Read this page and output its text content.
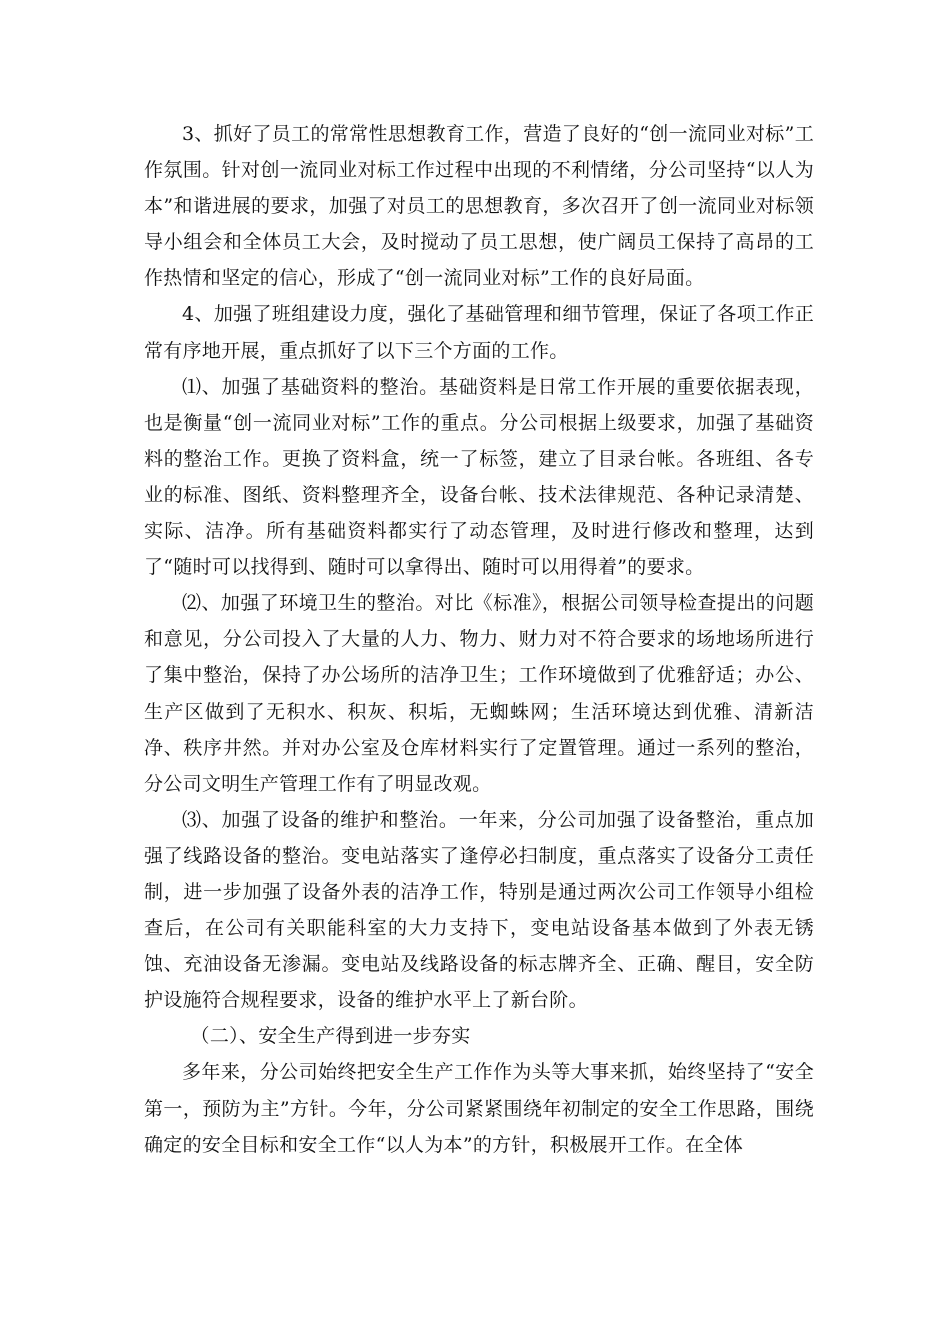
3、抓好了员工的常常性思想教育工作，营造了良好的“创一流同业对标”工作氛围。针对创一流同业对标工作过程中出现的不利情绪，分公司坚持“以人为本”和谐进展的要求，加强了对员工的思想教育，多次召开了创一流同业对标领导小组会和全体员工大会，及时搅动了员工思想，使广阔员工保持了高昂的工作热情和坚定的信心，形成了“创一流同业对标”工作的良好局面。

4、加强了班组建设力度，强化了基础管理和细节管理，保证了各项工作正常有序地开展，重点抓好了以下三个方面的工作。

⑴、加强了基础资料的整治。基础资料是日常工作开展的重要依据表现，也是衡量“创一流同业对标”工作的重点。分公司根据上级要求，加强了基础资料的整治工作。更换了资料盒，统一了标签，建立了目录台帐。各班组、各专业的标准、图纸、资料整理齐全，设备台帐、技术法律规范、各种记录清楚、实际、洁净。所有基础资料都实行了动态管理，及时进行修改和整理，达到了“随时可以找得到、随时可以拿得出、随时可以用得着”的要求。

⑵、加强了环境卫生的整治。对比《标准》，根据公司领导检查提出的问题和意见，分公司投入了大量的人力、物力、财力对不符合要求的场地场所进行了集中整治，保持了办公场所的洁净卫生；工作环境做到了优雅舒适；办公、生产区做到了无积水、积灰、积垢，无蜘蛛网；生活环境达到优雅、清新洁净、秩序井然。并对办公室及仓库材料实行了定置管理。通过一系列的整治，分公司文明生产管理工作有了明显改观。

⑶、加强了设备的维护和整治。一年来，分公司加强了设备整治，重点加强了线路设备的整治。变电站落实了逢停必扫制度，重点落实了设备分工责任制，进一步加强了设备外表的洁净工作，特别是通过两次公司工作领导小组检查后，在公司有关职能科室的大力支持下，变电站设备基本做到了外表无锈蚀、充油设备无渗漏。变电站及线路设备的标志牌齐全、正确、醒目，安全防护设施符合规程要求，设备的维护水平上了新台阶。

（二）、安全生产得到进一步夯实

多年来，分公司始终把安全生产工作作为头等大事来抓，始终坚持了“安全第一，预防为主”方针。今年，分公司紧紧围绕年初制定的安全工作思路，围绕确定的安全目标和安全工作“以人为本”的方针，积极展开工作。在全体
